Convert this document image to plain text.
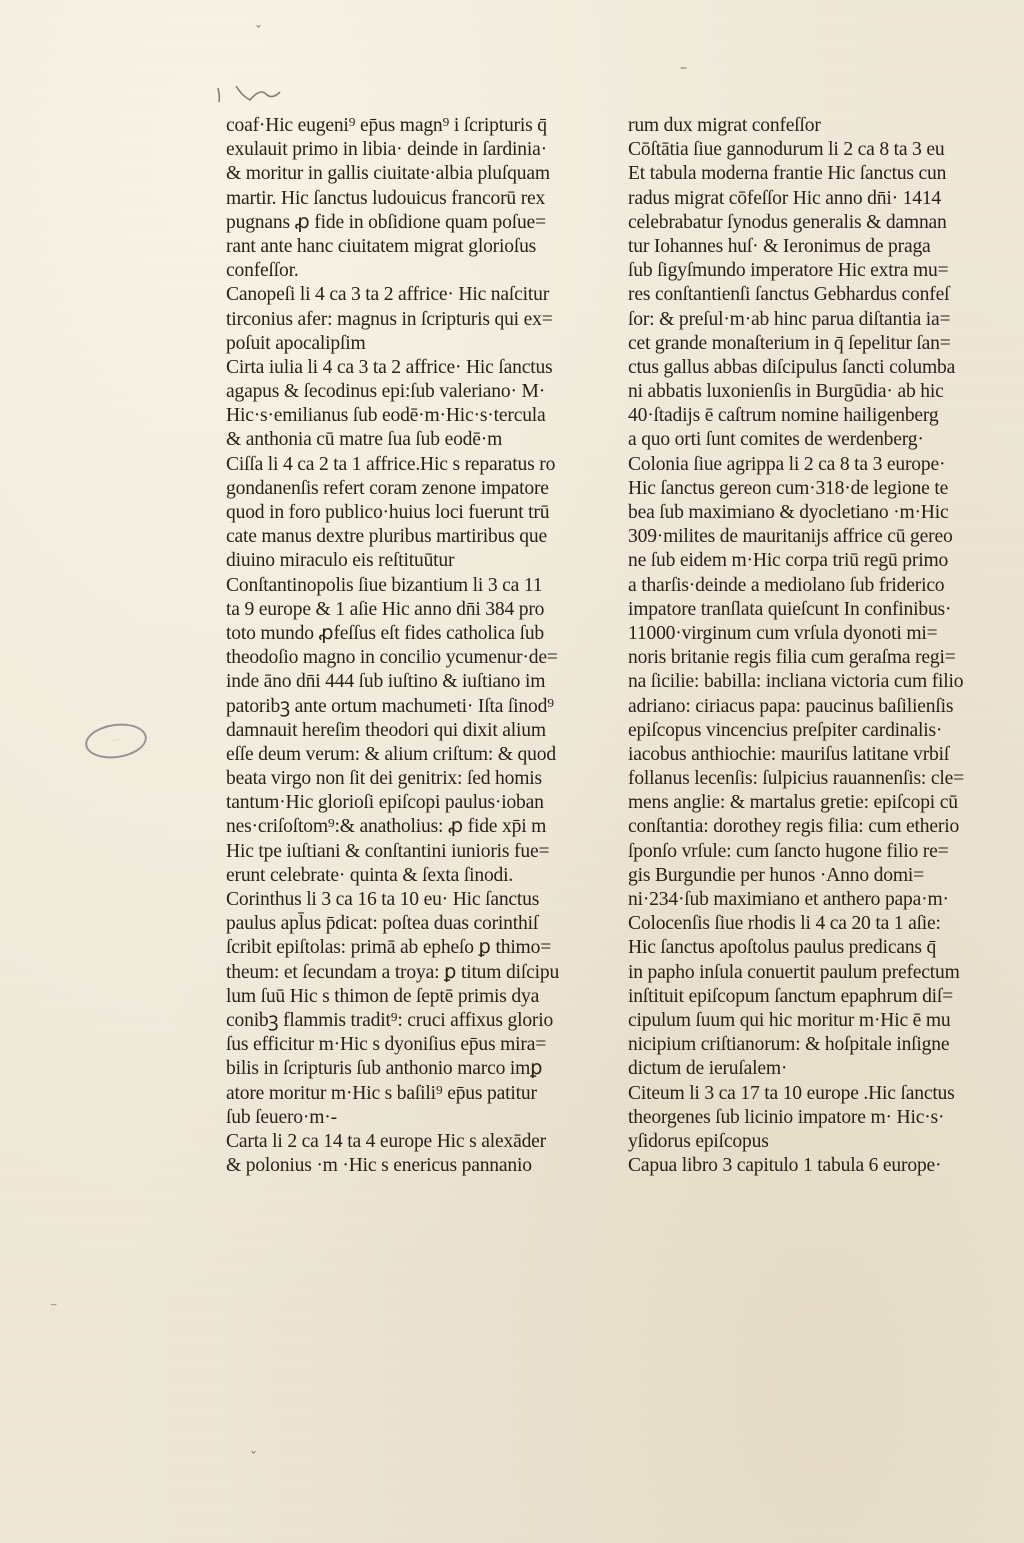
◦◦◦
ˇ
–
⁻
ˇ
coaf·Hic eugeni⁹ ep̄us magn⁹ i ſcripturis q̄
exulauit primo in libia· deinde in ſardinia·
& moritur in gallis ciuitate·albia pluſquam
martir. Hic ſanctus ludouicus francorū rex
pugnans ꝓ fide in obſidione quam poſue=
rant ante hanc ciuitatem migrat glorioſus
confeſſor.
Canopeſi li 4 ca 3 ta 2 affrice· Hic naſcitur
tirconius afer: magnus in ſcripturis qui ex=
poſuit apocalipſim
Cirta iulia li 4 ca 3 ta 2 affrice· Hic ſanctus
agapus & ſecodinus epi:ſub valeriano· M·
Hic·s·emilianus ſub eodē·m·Hic·s·tercula
& anthonia cū matre ſua ſub eodē·m
Ciſſa li 4 ca 2 ta 1 affrice.Hic s reparatus ro
gondanenſis refert coram zenone impatore
quod in foro publico·huius loci fuerunt trū
cate manus dextre pluribus martiribus que
diuino miraculo eis reſtituūtur
Conſtantinopolis ſiue bizantium li 3 ca 11
ta 9 europe & 1 aſie Hic anno dn̄i 384 pro
toto mundo ꝓfeſſus eſt fides catholica ſub
theodoſio magno in concilio ycumenur·de=
inde āno dn̄i 444 ſub iuſtino & iuſtiano im
patoribꝫ ante ortum machumeti· Iſta ſinod⁹
damnauit hereſim theodori qui dixit alium
eſſe deum verum: & alium criſtum: & quod
beata virgo non ſit dei genitrix: ſed homis
tantum·Hic glorioſi epiſcopi paulus·ioban
nes·criſoſtom⁹:& anatholius: ꝓ fide xp̄i m
Hic tpe iuſtiani & conſtantini iunioris fue=
erunt celebrate· quinta & ſexta ſinodi.
Corinthus li 3 ca 16 ta 10 eu· Hic ſanctus
paulus apl̄us p̄dicat: poſtea duas corinthiſ
ſcribit epiſtolas: primā ab epheſo ꝑ thimo=
theum: et ſecundam a troya: ꝑ titum diſcipu
lum ſuū Hic s thimon de ſeptē primis dya
conibꝫ flammis tradit⁹: cruci affixus glorio
ſus efficitur m·Hic s dyoniſius ep̄us mira=
bilis in ſcripturis ſub anthonio marco imꝑ
atore moritur m·Hic s baſili⁹ ep̄us patitur
ſub ſeuero·m·-
Carta li 2 ca 14 ta 4 europe Hic s alexāder
& polonius ·m ·Hic s enericus pannanio
rum dux migrat confeſſor
Cōſtātia ſiue gannodurum li 2 ca 8 ta 3 eu
Et tabula moderna frantie Hic ſanctus cun
radus migrat cōfeſſor Hic anno dn̄i· 1414
celebrabatur ſynodus generalis & damnan
tur Iohannes huſ· & Ieronimus de praga
ſub ſigyſmundo imperatore Hic extra mu=
res conſtantienſi ſanctus Gebhardus confeſ
ſor: & preſul·m·ab hinc parua diſtantia ia=
cet grande monaſterium in q̄ ſepelitur ſan=
ctus gallus abbas diſcipulus ſancti columba
ni abbatis luxonienſis in Burgūdia· ab hic
40·ſtadijs ē caſtrum nomine hailigenberg
a quo orti ſunt comites de werdenberg·
Colonia ſiue agrippa li 2 ca 8 ta 3 europe·
Hic ſanctus gereon cum·318·de legione te
bea ſub maximiano & dyocletiano ·m·Hic
309·milites de mauritanijs affrice cū gereo
ne ſub eidem m·Hic corpa triū regū primo
a tharſis·deinde a mediolano ſub friderico
impatore tranſlata quieſcunt In confinibus·
11000·virginum cum vrſula dyonoti mi=
noris britanie regis filia cum geraſma regi=
na ſicilie: babilla: incliana victoria cum filio
adriano: ciriacus papa: paucinus baſilienſis
epiſcopus vincencius preſpiter cardinalis·
iacobus anthiochie: mauriſus latitane vrbiſ
follanus lecenſis: ſulpicius rauannenſis: cle=
mens anglie: & martalus gretie: epiſcopi cū
conſtantia: dorothey regis filia: cum etherio
ſponſo vrſule: cum ſancto hugone filio re=
gis Burgundie per hunos ·Anno domi=
ni·234·ſub maximiano et anthero papa·m·
Colocenſis ſiue rhodis li 4 ca 20 ta 1 aſie:
Hic ſanctus apoſtolus paulus predicans q̄
in papho inſula conuertit paulum prefectum
inſtituit epiſcopum ſanctum epaphrum diſ=
cipulum ſuum qui hic moritur m·Hic ē mu
nicipium criſtianorum: & hoſpitale inſigne
dictum de ieruſalem·
Citeum li 3 ca 17 ta 10 europe .Hic ſanctus
theorgenes ſub licinio impatore m· Hic·s·
yſidorus epiſcopus
Capua libro 3 capitulo 1 tabula 6 europe·
